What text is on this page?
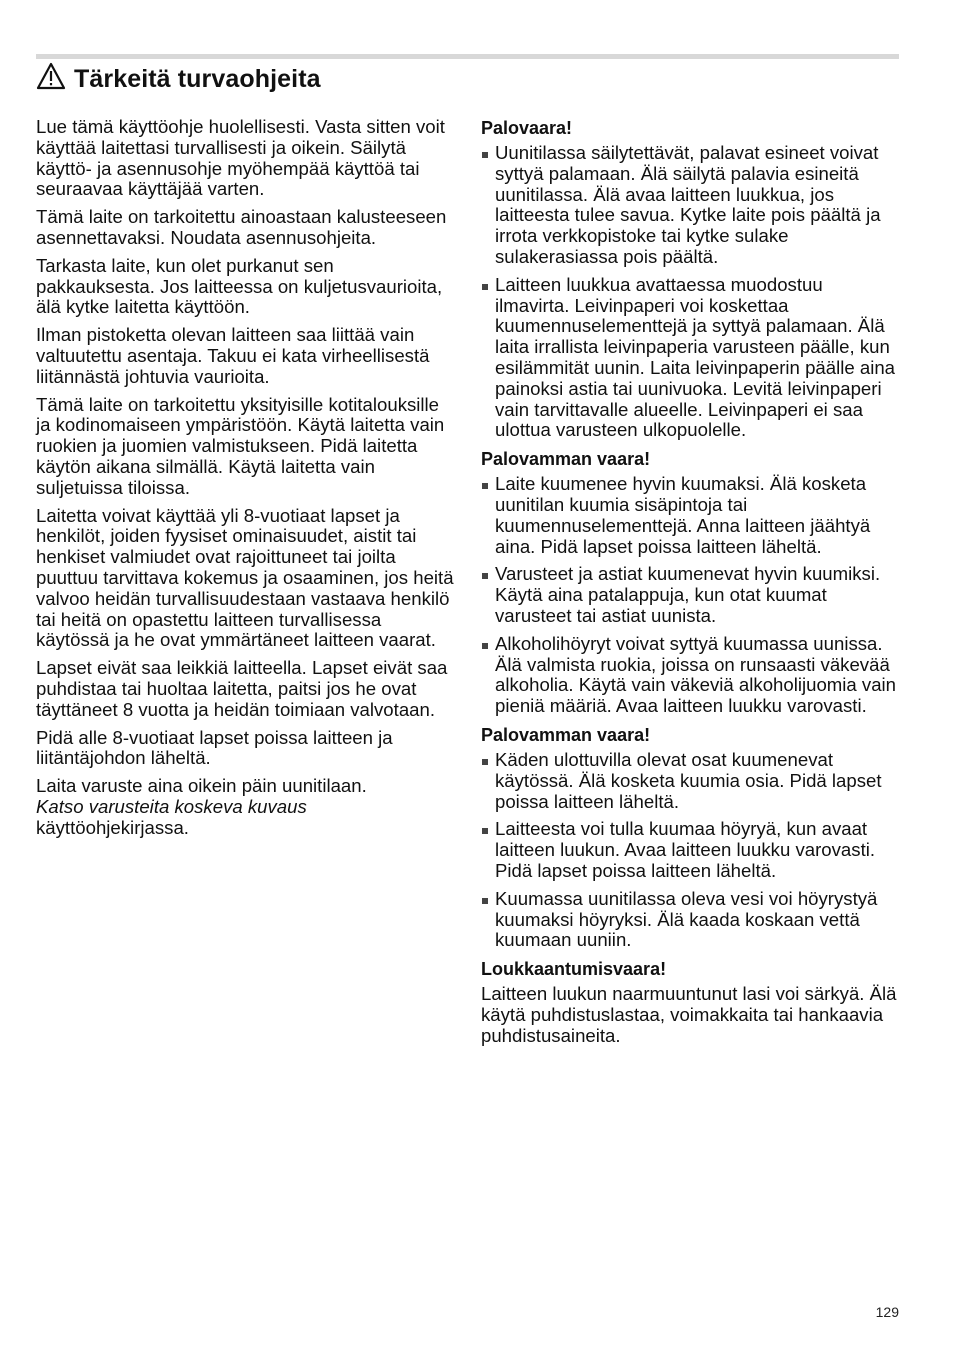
Tärkeitä turvaohjeita

Lue tämä käyttöohje huolellisesti. Vasta sitten voit käyttää laitettasi turvallisesti ja oikein. Säilytä käyttö- ja asennusohje myöhempää käyttöä tai seuraavaa käyttäjää varten.

Tämä laite on tarkoitettu ainoastaan kalusteeseen asennettavaksi. Noudata asennusohjeita.

Tarkasta laite, kun olet purkanut sen pakkauksesta. Jos laitteessa on kuljetusvaurioita, älä kytke laitetta käyttöön.

Ilman pistoketta olevan laitteen saa liittää vain valtuutettu asentaja. Takuu ei kata virheellisestä liitännästä johtuvia vaurioita.

Tämä laite on tarkoitettu yksityisille kotitalouksille ja kodinomaiseen ympäristöön. Käytä laitetta vain ruokien ja juomien valmistukseen. Pidä laitetta käytön aikana silmällä. Käytä laitetta vain suljetuissa tiloissa.

Laitetta voivat käyttää yli 8-vuotiaat lapset ja henkilöt, joiden fyysiset ominaisuudet, aistit tai henkiset valmiudet ovat rajoittuneet tai joilta puuttuu tarvittava kokemus ja osaaminen, jos heitä valvoo heidän turvallisuudestaan vastaava henkilö tai heitä on opastettu laitteen turvallisessa käytössä ja he ovat ymmärtäneet laitteen vaarat.

Lapset eivät saa leikkiä laitteella. Lapset eivät saa puhdistaa tai huoltaa laitetta, paitsi jos he ovat täyttäneet 8 vuotta ja heidän toimiaan valvotaan.

Pidä alle 8-vuotiaat lapset poissa laitteen ja liitäntäjohdon läheltä.

Laita varuste aina oikein päin uunitilaan.
Katso varusteita koskeva kuvaus
käyttöohjekirjassa.

Palovaara!
Uunitilassa säilytettävät, palavat esineet voivat syttyä palamaan. Älä säilytä palavia esineitä uunitilassa. Älä avaa laitteen luukkua, jos laitteesta tulee savua. Kytke laite pois päältä ja irrota verkkopistoke tai kytke sulake sulakerasiassa pois päältä.
Laitteen luukkua avattaessa muodostuu ilmavirta. Leivinpaperi voi koskettaa kuumennuselementtejä ja syttyä palamaan. Älä laita irrallista leivinpaperia varusteen päälle, kun esilämmität uunin. Laita leivinpaperin päälle aina painoksi astia tai uunivuoka. Levitä leivinpaperi vain tarvittavalle alueelle. Leivinpaperi ei saa ulottua varusteen ulkopuolelle.
Palovamman vaara!
Laite kuumenee hyvin kuumaksi. Älä kosketa uunitilan kuumia sisäpintoja tai kuumennuselementtejä. Anna laitteen jäähtyä aina. Pidä lapset poissa laitteen läheltä.
Varusteet ja astiat kuumenevat hyvin kuumiksi. Käytä aina patalappuja, kun otat kuumat varusteet tai astiat uunista.
Alkoholihöyryt voivat syttyä kuumassa uunissa. Älä valmista ruokia, joissa on runsaasti väkevää alkoholia. Käytä vain väkeviä alkoholijuomia vain pieniä määriä. Avaa laitteen luukku varovasti.
Palovamman vaara!
Käden ulottuvilla olevat osat kuumenevat käytössä. Älä kosketa kuumia osia. Pidä lapset poissa laitteen läheltä.
Laitteesta voi tulla kuumaa höyryä, kun avaat laitteen luukun. Avaa laitteen luukku varovasti. Pidä lapset poissa laitteen läheltä.
Kuumassa uunitilassa oleva vesi voi höyrystyä kuumaksi höyryksi. Älä kaada koskaan vettä kuumaan uuniin.
Loukkaantumisvaara!

Laitteen luukun naarmuuntunut lasi voi särkyä. Älä käytä puhdistuslastaa, voimakkaita tai hankaavia puhdistusaineita.

129
